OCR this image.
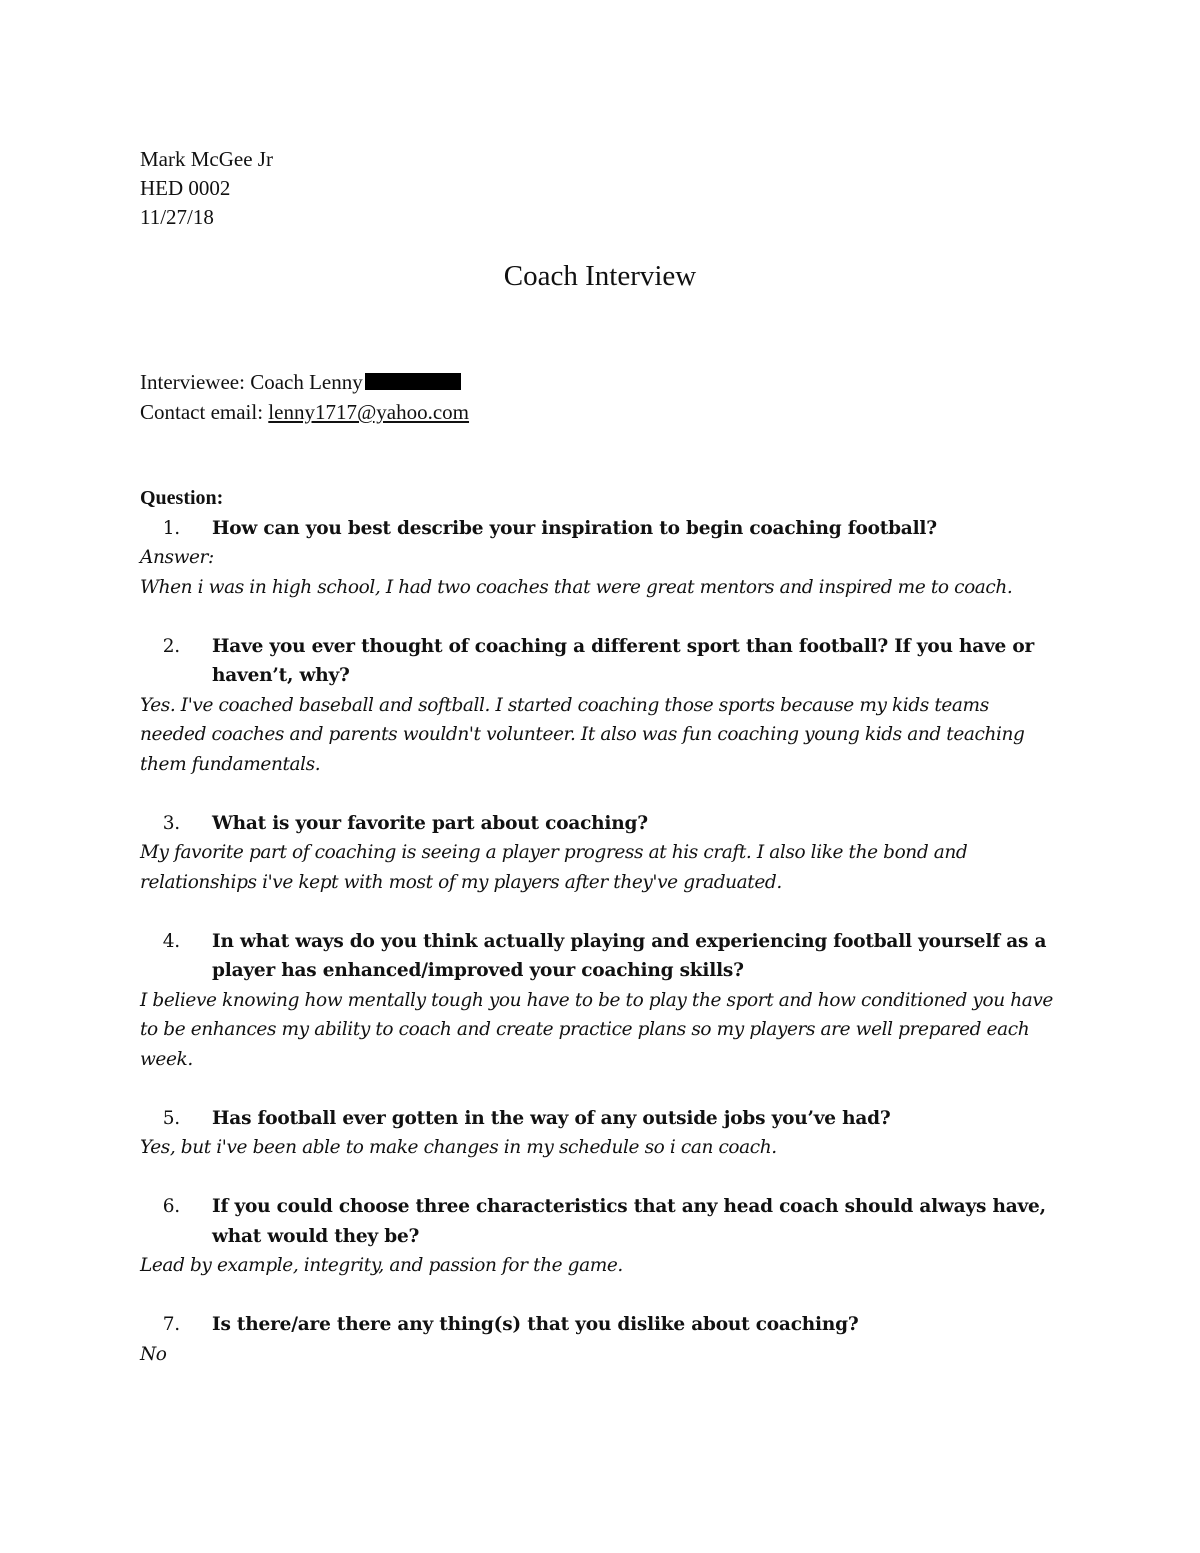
Mark McGee Jr
HED 0002
11/27/18
Coach Interview
Interviewee: Coach Lenny
Contact email: lenny1717@yahoo.com
Question:
1.	How can you best describe your inspiration to begin coaching football?
Answer:
When i was in high school, I had two coaches that were great mentors and inspired me to coach.
2.	Have you ever thought of coaching a different sport than football? If you have or haven’t, why?
Yes. I've coached baseball and softball. I started coaching those sports because my kids teams needed coaches and parents wouldn't volunteer. It also was fun coaching young kids and teaching them fundamentals.
3.	What is your favorite part about coaching?
My favorite part of coaching is seeing a player progress at his craft. I also like the bond and relationships i've kept with most of my players after they've graduated.
4.	In what ways do you think actually playing and experiencing football yourself as a player has enhanced/improved your coaching skills?
I believe knowing how mentally tough you have to be to play the sport and how conditioned you have to be enhances my ability to coach and create practice plans so my players are well prepared each week.
5.	Has football ever gotten in the way of any outside jobs you’ve had?
Yes, but i've been able to make changes in my schedule so i can coach.
6.	If you could choose three characteristics that any head coach should always have, what would they be?
Lead by example, integrity, and passion for the game.
7.	Is there/are there any thing(s) that you dislike about coaching?
No
